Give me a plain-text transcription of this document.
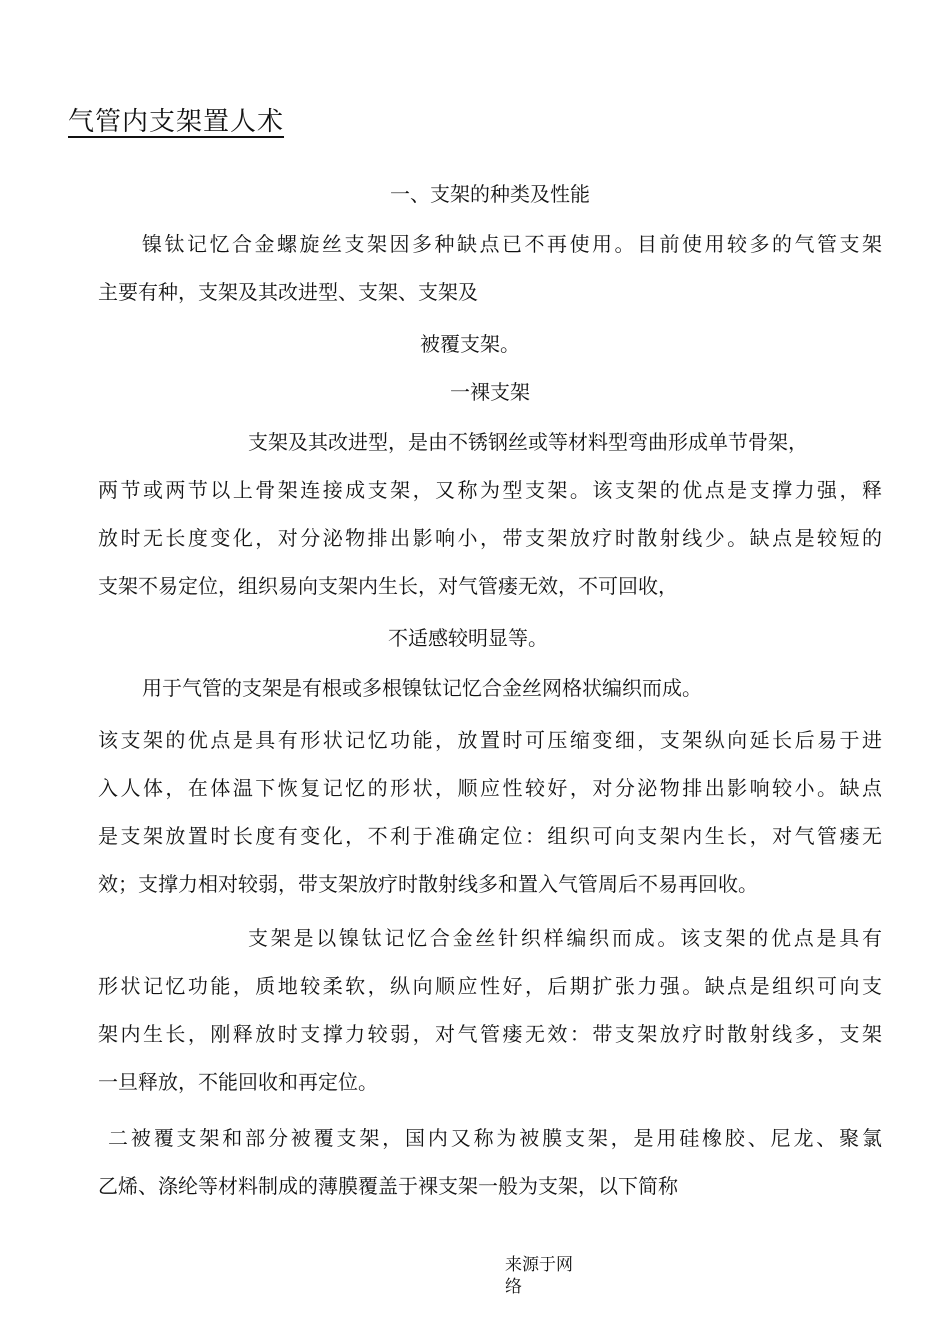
气管内支架置人术
一、支架的种类及性能
镍钛记忆合金螺旋丝支架因多种缺点已不再使用。目前使用较多的气管支架
主要有种，支架及其改进型、支架、支架及
被覆支架。
一裸支架
支架及其改进型，是由不锈钢丝或等材料型弯曲形成单节骨架，
两节或两节以上骨架连接成支架，又称为型支架。该支架的优点是支撑力强，释
放时无长度变化，对分泌物排出影响小，带支架放疗时散射线少。缺点是较短的
支架不易定位，组织易向支架内生长，对气管瘘无效，不可回收，
不适感较明显等。
用于气管的支架是有根或多根镍钛记忆合金丝网格状编织而成。
该支架的优点是具有形状记忆功能，放置时可压缩变细，支架纵向延长后易于进
入人体，在体温下恢复记忆的形状，顺应性较好，对分泌物排出影响较小。缺点
是支架放置时长度有变化，不利于准确定位：组织可向支架内生长，对气管瘘无
效；支撑力相对较弱，带支架放疗时散射线多和置入气管周后不易再回收。
支架是以镍钛记忆合金丝针织样编织而成。该支架的优点是具有
形状记忆功能，质地较柔软，纵向顺应性好，后期扩张力强。缺点是组织可向支
架内生长，刚释放时支撑力较弱，对气管瘘无效：带支架放疗时散射线多，支架
一旦释放，不能回收和再定位。
二被覆支架和部分被覆支架，国内又称为被膜支架，是用硅橡胶、尼龙、聚氯
乙烯、涤纶等材料制成的薄膜覆盖于裸支架一般为支架，以下简称
来源于网络
